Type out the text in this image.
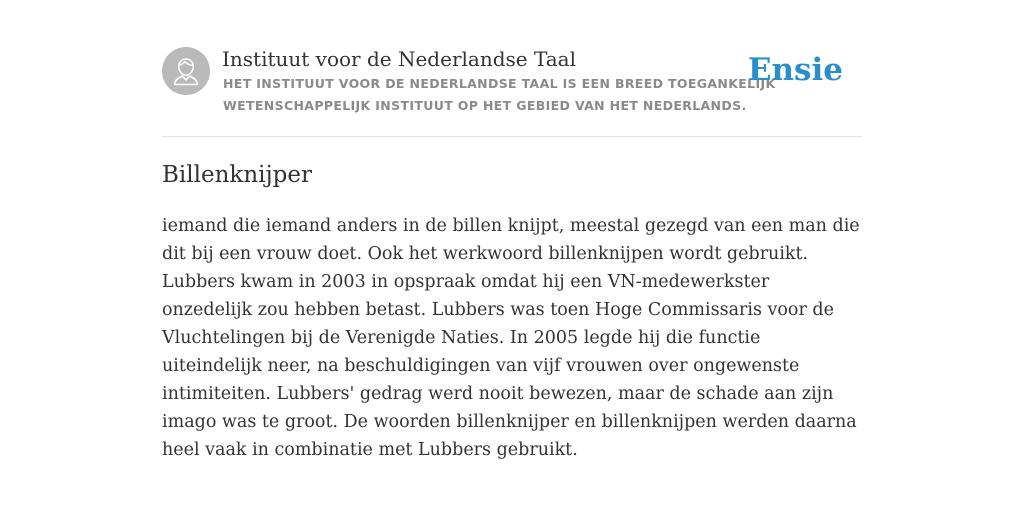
Instituut voor de Nederlandse Taal
HET INSTITUUT VOOR DE NEDERLANDSE TAAL IS EEN BREED TOEGANKELIJK WETENSCHAPPELIJK INSTITUUT OP HET GEBIED VAN HET NEDERLANDS.
Ensie
Billenknijper

iemand die iemand anders in de billen knijpt, meestal gezegd van een man die dit bij een vrouw doet. Ook het werkwoord billenknijpen wordt gebruikt. Lubbers kwam in 2003 in opspraak omdat hij een VN-medewerkster onzedelijk zou hebben betast. Lubbers was toen Hoge Commissaris voor de Vluchtelingen bij de Verenigde Naties. In 2005 legde hij die functie uiteindelijk neer, na beschuldigingen van vijf vrouwen over ongewenste intimiteiten. Lubbers' gedrag werd nooit bewezen, maar de schade aan zijn imago was te groot. De woorden billenknijper en billenknijpen werden daarna heel vaak in combinatie met Lubbers gebruikt.
